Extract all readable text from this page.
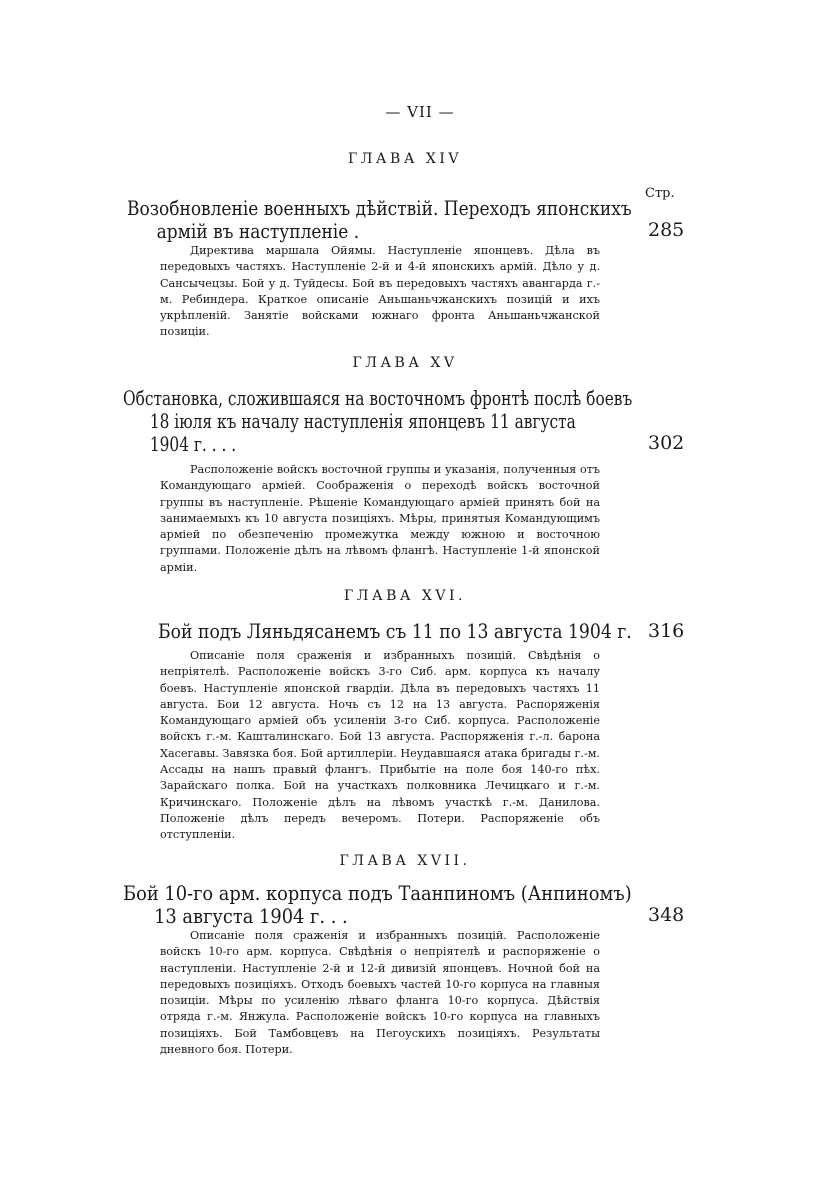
— VII —
ГЛАВА XIV
Стр.
Возобновленіе военныхъ дѣйствій. Переходъ японскихъ
армій въ наступленіе .	285
Директива маршала Ойямы. Наступленіе японцевъ. Дѣла въ передовыхъ частяхъ. Наступленіе 2-й и 4-й японскихъ армій. Дѣло у д. Сансычецзы. Бой у д. Туйдесы. Бой въ передовыхъ частяхъ авангарда г.-м. Ребиндера. Краткое описаніе Аньшаньчжанскихъ позицій и ихъ укрѣпленій. Занятіе войсками южнаго фронта Аньшаньчжанской позиціи.
ГЛАВА XV
Обстановка, сложившаяся на восточномъ фронтѣ послѣ боевъ
18 іюля къ началу наступленія японцевъ 11 августа
1904 г. . . .	302
Расположеніе войскъ восточной группы и указанія, полученныя отъ Командующаго арміей. Соображенія о переходѣ войскъ восточной группы въ наступленіе. Рѣшеніе Командующаго арміей принять бой на занимаемыхъ къ 10 августа позиціяхъ. Мѣры, принятыя Командующимъ арміей по обезпеченію промежутка между южною и восточною группами. Положеніе дѣлъ на лѣвомъ флангѣ. Наступленіе 1-й японской арміи.
ГЛАВА XVI.
Бой подъ Ляньдясанемъ съ 11 по 13 августа 1904 г. 316
Описаніе поля сраженія и избранныхъ позицій. Свѣдѣнія о непріятелѣ. Расположеніе войскъ 3-го Сиб. арм. корпуса къ началу боевъ. Наступленіе японской гвардіи. Дѣла въ передовыхъ частяхъ 11 августа. Бои 12 августа. Ночь съ 12 на 13 августа. Распоряженія Командующаго арміей объ усиленіи 3-го Сиб. корпуса. Расположеніе войскъ г.-м. Кашталинскаго. Бой 13 августа. Распоряженія г.-л. барона Хасегавы. Завязка боя. Бой артиллеріи. Неудавшаяся атака бригады г.-м. Ассады на нашъ правый флангъ. Прибытіе на поле боя 140-го пѣх. Зарайскаго полка. Бой на участкахъ полковника Лечицкаго и г.-м. Кричинскаго. Положеніе дѣлъ на лѣвомъ участкѣ г.-м. Данилова. Положеніе дѣлъ передъ вечеромъ. Потери. Распоряженіе объ отступленіи.
ГЛАВА XVII.
Бой 10-го арм. корпуса подъ Таанпиномъ (Анпиномъ)
13 августа 1904 г. . .	348
Описаніе поля сраженія и избранныхъ позицій. Расположеніе войскъ 10-го арм. корпуса. Свѣдѣнія о непріятелѣ и распоряженіе о наступленіи. Наступленіе 2-й и 12-й дивизій японцевъ. Ночной бой на передовыхъ позиціяхъ. Отходъ боевыхъ частей 10-го корпуса на главныя позиціи. Мѣры по усиленію лѣваго фланга 10-го корпуса. Дѣйствія отряда г.-м. Янжула. Расположеніе войскъ 10-го корпуса на главныхъ позиціяхъ. Бой Тамбовцевъ на Пегоускихъ позиціяхъ. Результаты дневного боя. Потери.
